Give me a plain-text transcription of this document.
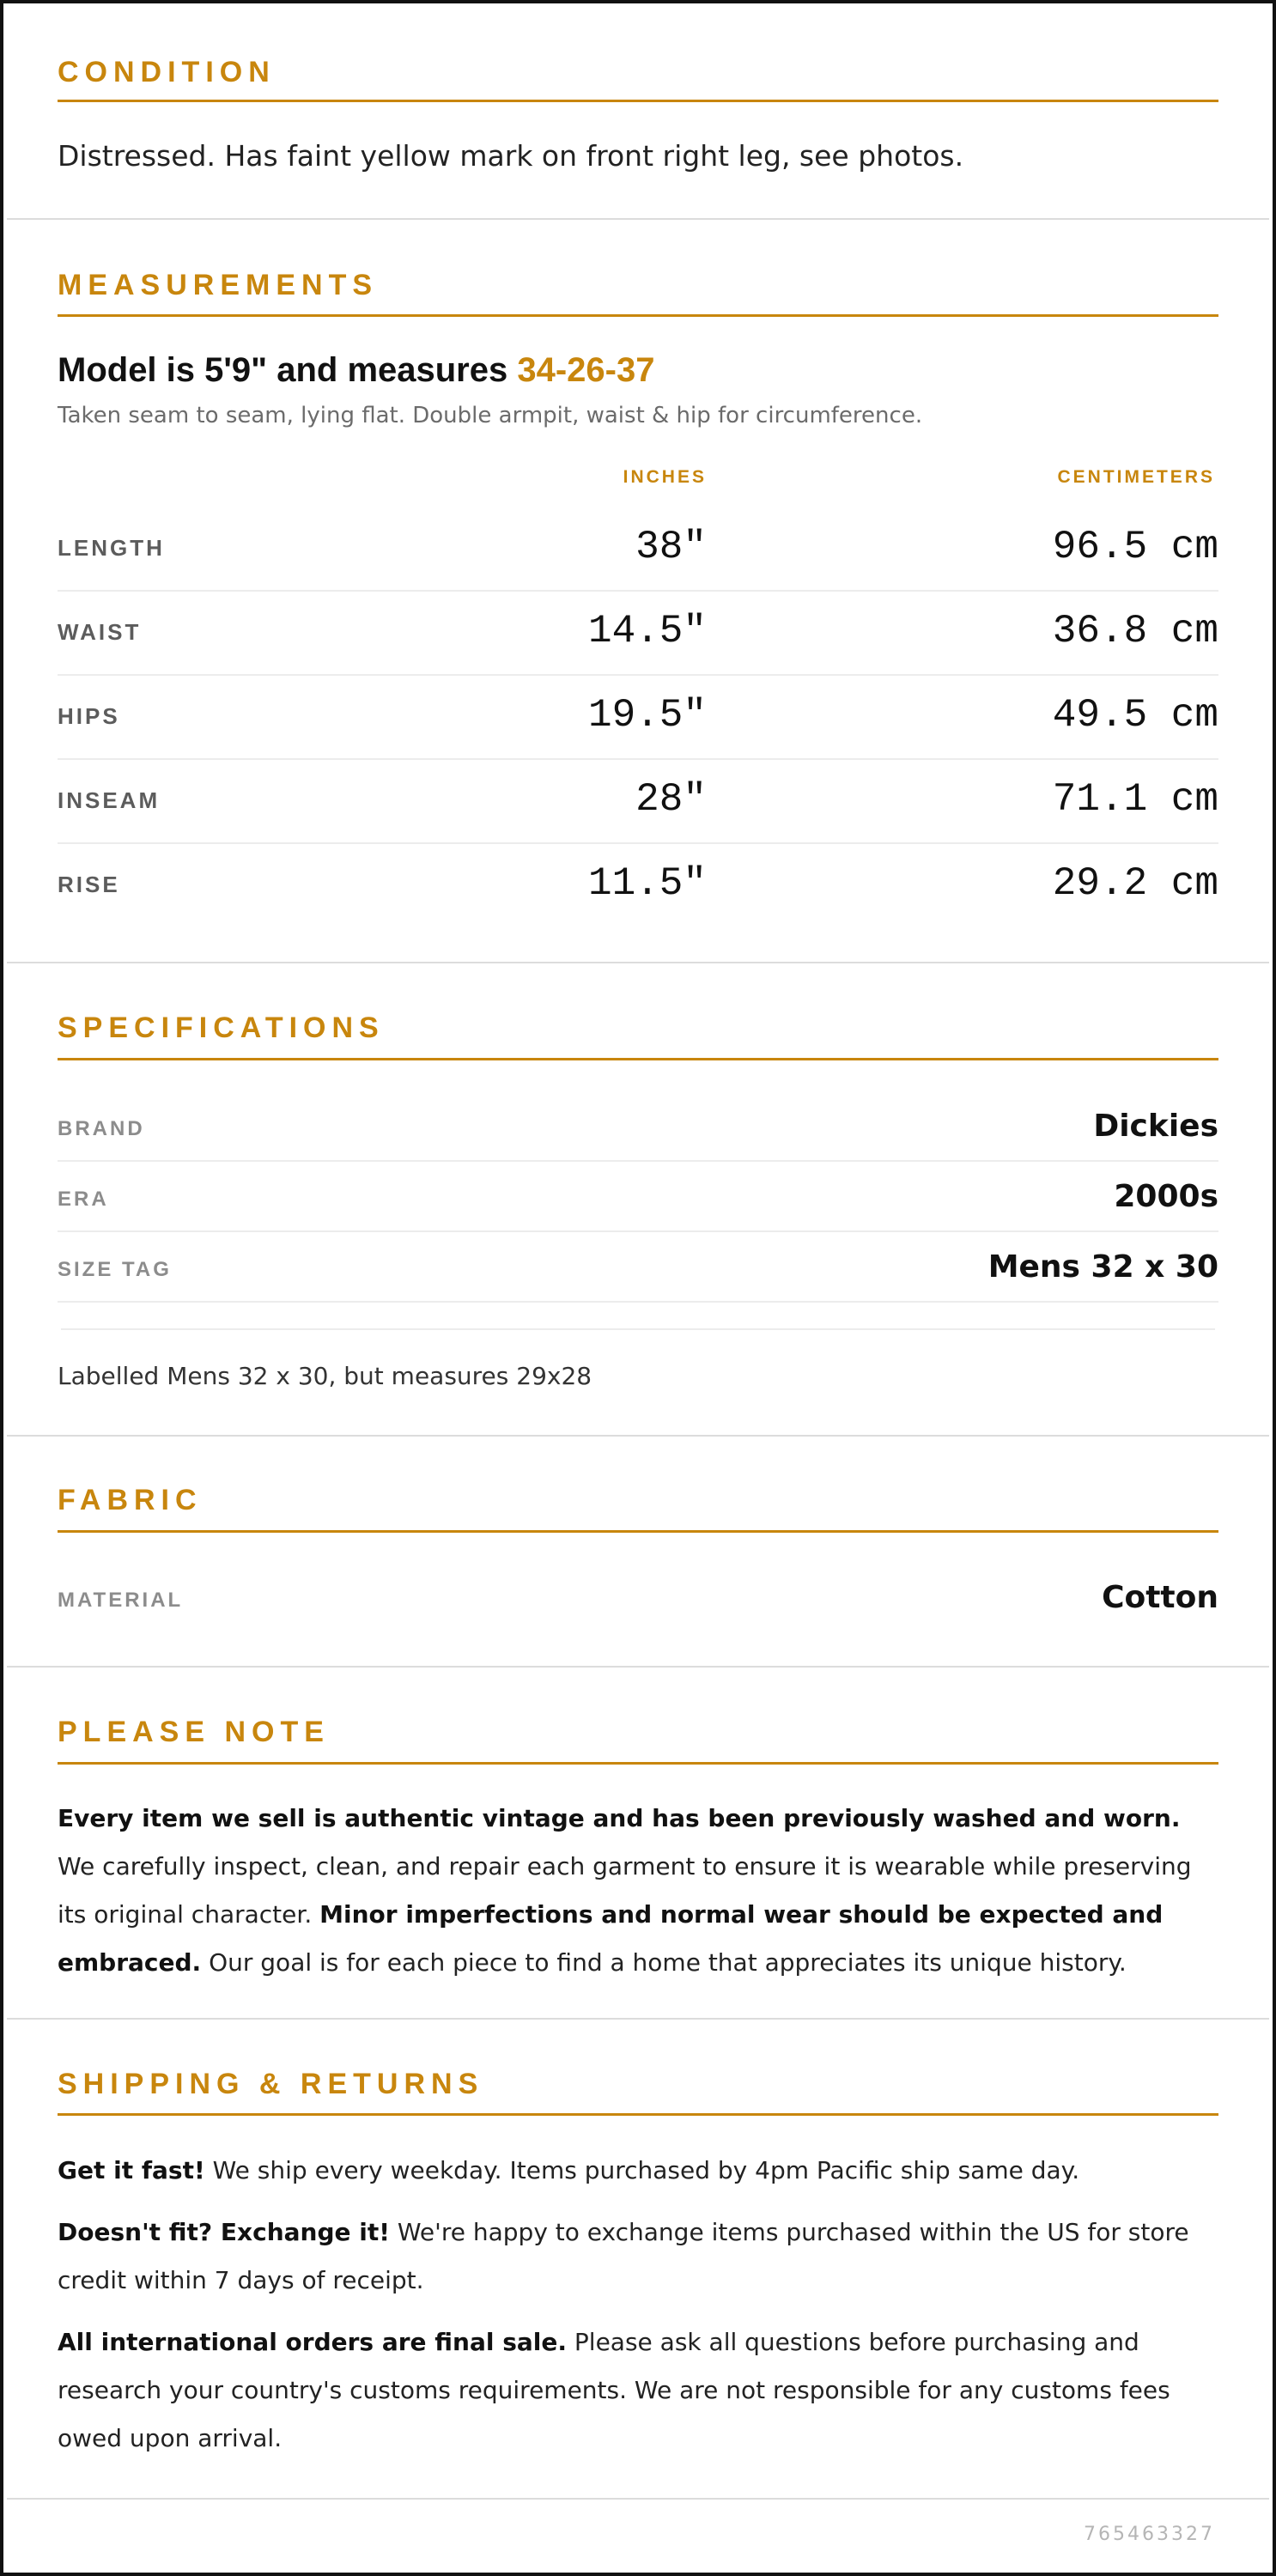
CONDITION
Distressed. Has faint yellow mark on front right leg, see photos.
MEASUREMENTS
Model is 5'9" and measures 34-26-37
Taken seam to seam, lying flat. Double armpit, waist & hip for circumference.
INCHES	CENTIMETERS
LENGTH	38"	96.5 cm
WAIST	14.5"	36.8 cm
HIPS	19.5"	49.5 cm
INSEAM	28"	71.1 cm
RISE	11.5"	29.2 cm
SPECIFICATIONS
BRAND	Dickies
ERA	2000s
SIZE TAG	Mens 32 x 30
Labelled Mens 32 x 30, but measures 29x28
FABRIC
MATERIAL	Cotton
PLEASE NOTE
Every item we sell is authentic vintage and has been previously washed and worn. We carefully inspect, clean, and repair each garment to ensure it is wearable while preserving its original character. Minor imperfections and normal wear should be expected and embraced. Our goal is for each piece to find a home that appreciates its unique history.
SHIPPING & RETURNS

Get it fast! We ship every weekday. Items purchased by 4pm Pacific ship same day.

Doesn't fit? Exchange it! We're happy to exchange items purchased within the US for store credit within 7 days of receipt.

All international orders are final sale. Please ask all questions before purchasing and research your country's customs requirements. We are not responsible for any customs fees owed upon arrival.

765463327
